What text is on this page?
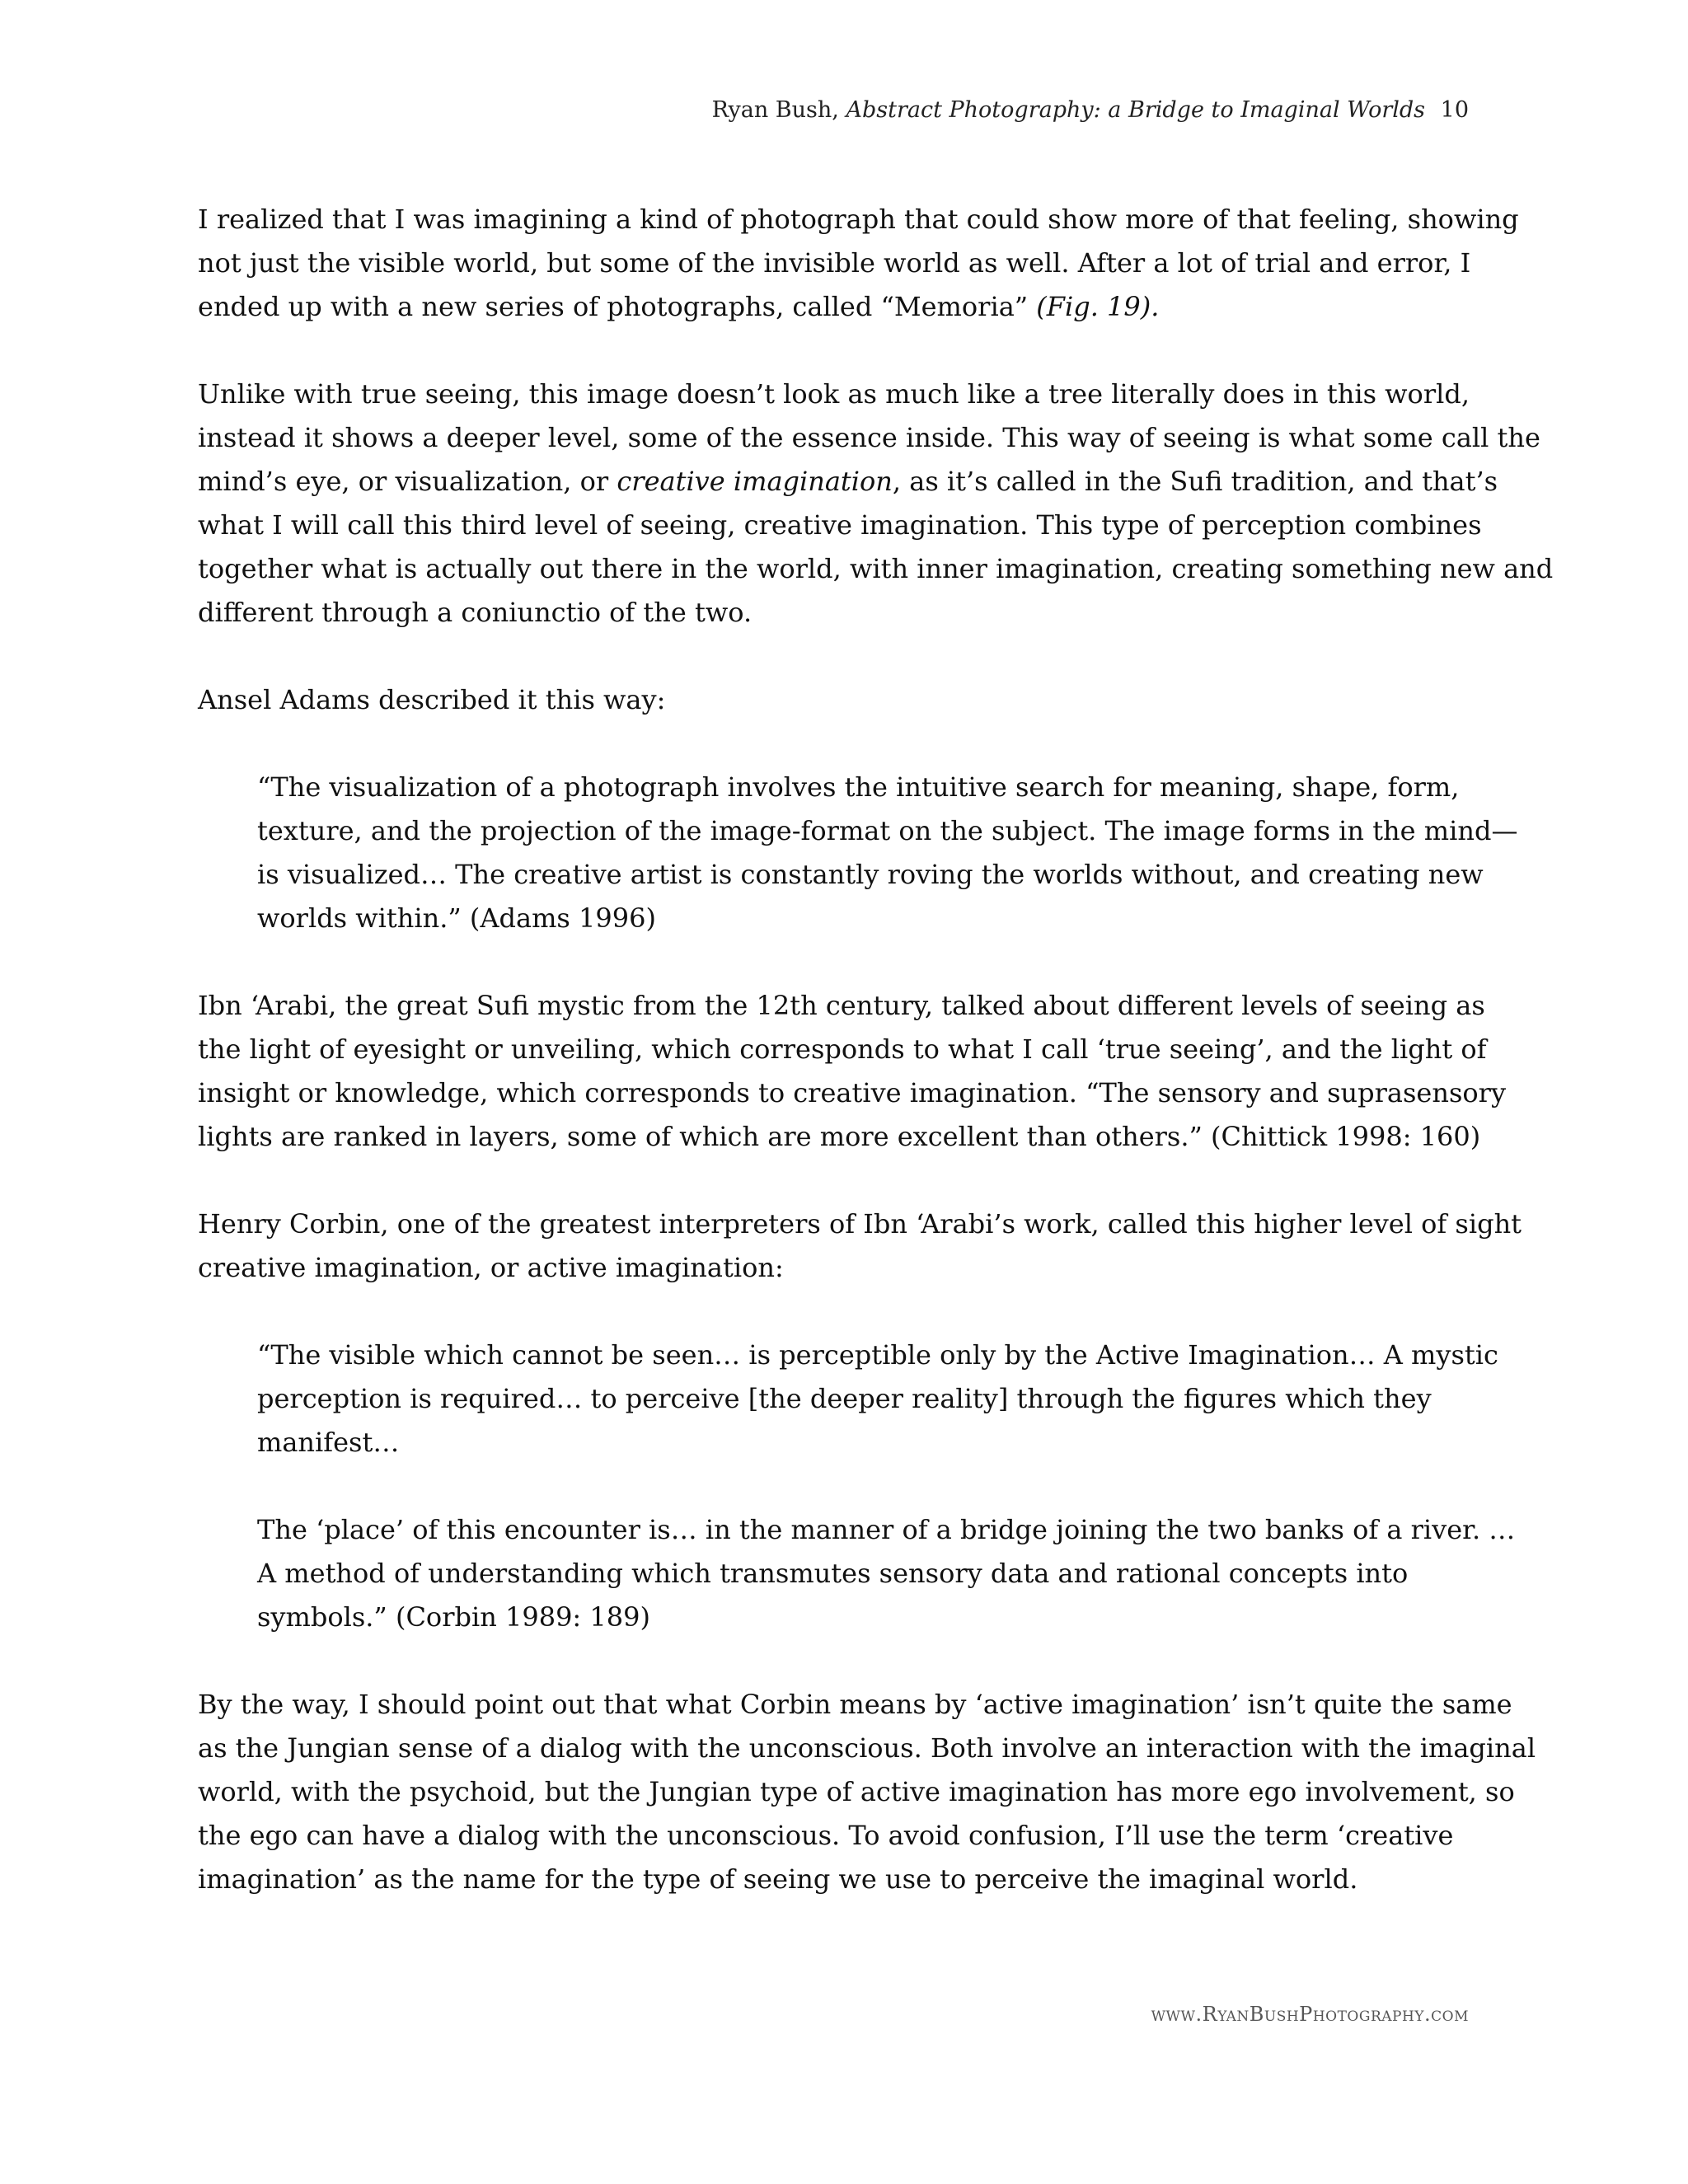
Ryan Bush, Abstract Photography: a Bridge to Imaginal Worlds 10

I realized that I was imagining a kind of photograph that could show more of that feeling, showing
not just the visible world, but some of the invisible world as well. After a lot of trial and error, I
ended up with a new series of photographs, called “Memoria” (Fig. 19).

Unlike with true seeing, this image doesn’t look as much like a tree literally does in this world,
instead it shows a deeper level, some of the essence inside. This way of seeing is what some call the
mind’s eye, or visualization, or creative imagination, as it’s called in the Sufi tradition, and that’s
what I will call this third level of seeing, creative imagination. This type of perception combines
together what is actually out there in the world, with inner imagination, creating something new and
different through a coniunctio of the two.

Ansel Adams described it this way:

“The visualization of a photograph involves the intuitive search for meaning, shape, form,
texture, and the projection of the image-format on the subject. The image forms in the mind—
is visualized… The creative artist is constantly roving the worlds without, and creating new
worlds within.” (Adams 1996)

Ibn ‘Arabi, the great Sufi mystic from the 12th century, talked about different levels of seeing as
the light of eyesight or unveiling, which corresponds to what I call ‘true seeing’, and the light of
insight or knowledge, which corresponds to creative imagination. “The sensory and suprasensory
lights are ranked in layers, some of which are more excellent than others.” (Chittick 1998: 160)

Henry Corbin, one of the greatest interpreters of Ibn ‘Arabi’s work, called this higher level of sight
creative imagination, or active imagination:

“The visible which cannot be seen… is perceptible only by the Active Imagination… A mystic
perception is required… to perceive [the deeper reality] through the figures which they
manifest…

The ‘place’ of this encounter is… in the manner of a bridge joining the two banks of a river. …
A method of understanding which transmutes sensory data and rational concepts into
symbols.” (Corbin 1989: 189)

By the way, I should point out that what Corbin means by ‘active imagination’ isn’t quite the same
as the Jungian sense of a dialog with the unconscious. Both involve an interaction with the imaginal
world, with the psychoid, but the Jungian type of active imagination has more ego involvement, so
the ego can have a dialog with the unconscious. To avoid confusion, I’ll use the term ‘creative
imagination’ as the name for the type of seeing we use to perceive the imaginal world.

www.RyanBushPhotography.com
